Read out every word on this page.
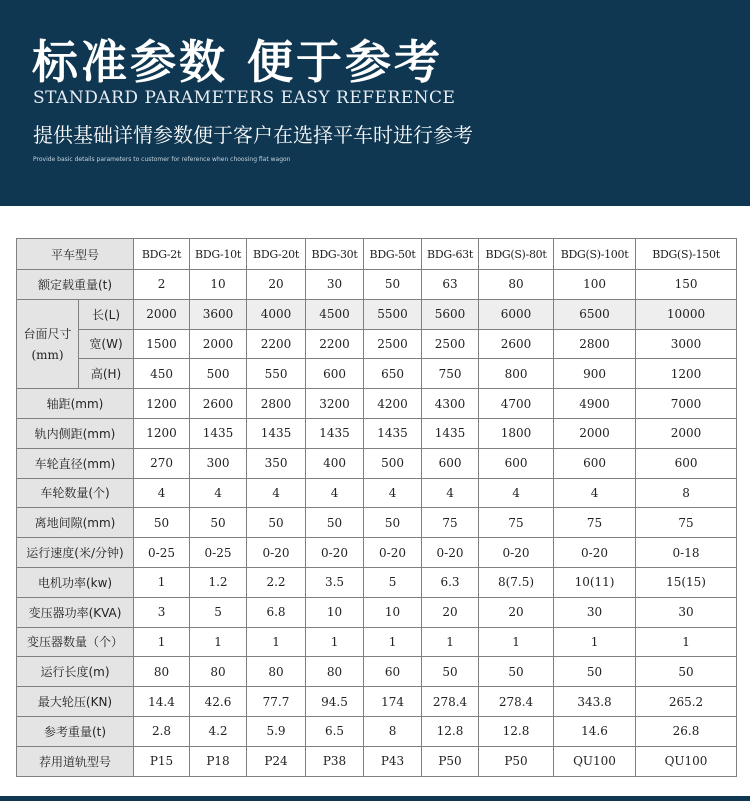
标准参数 便于参考
STANDARD PARAMETERS EASY REFERENCE
提供基础详情参数便于客户在选择平车时进行参考
Provide basic details parameters to customer for reference when choosing flat wagon
平车型号		BDG-2t	BDG-10t	BDG-20t	BDG-30t	BDG-50t	BDG-63t	BDG(S)-80t	BDG(S)-100t	BDG(S)-150t
额定载重量(t)		2	10	20	30	50	63	80	100	150

台面尺寸
(mm)	长(L)	2000	3600	4000	4500	5500	5600	6000	6500	10000
	宽(W)	1500	2000	2200	2200	2500	2500	2600	2800	3000
	高(H)	450	500	550	600	650	750	800	900	1200
轴距(mm)		1200	2600	2800	3200	4200	4300	4700	4900	7000
轨内侧距(mm)		1200	1435	1435	1435	1435	1435	1800	2000	2000
车轮直径(mm)		270	300	350	400	500	600	600	600	600
车轮数量(个)		4	4	4	4	4	4	4	4	8
离地间隙(mm)		50	50	50	50	50	75	75	75	75
运行速度(米/分钟)		0-25	0-25	0-20	0-20	0-20	0-20	0-20	0-20	0-18
电机功率(kw)		1	1.2	2.2	3.5	5	6.3	8(7.5)	10(11)	15(15)
变压器功率(KVA)		3	5	6.8	10	10	20	20	30	30
变压器数量（个）		1	1	1	1	1	1	1	1	1
运行长度(m)		80	80	80	80	60	50	50	50	50
最大轮压(KN)		14.4	42.6	77.7	94.5	174	278.4	278.4	343.8	265.2
参考重量(t)		2.8	4.2	5.9	6.5	8	12.8	12.8	14.6	26.8
荐用道轨型号		P15	P18	P24	P38	P43	P50	P50	QU100	QU100
